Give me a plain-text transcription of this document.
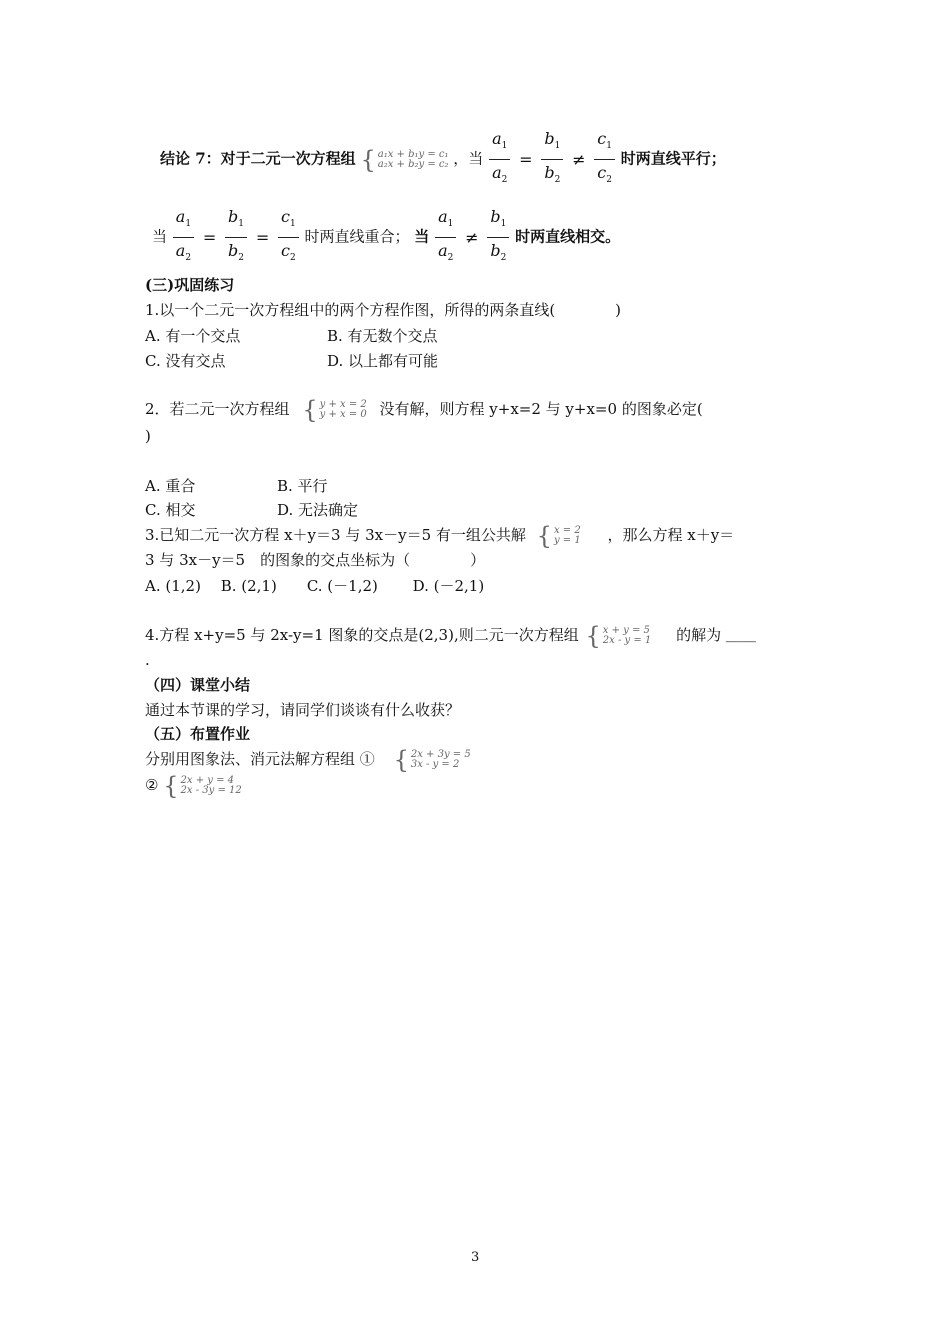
结论 7：对于二元一次方程组 { a₁x + b₁y = c₁
a₂x + b₂y = c₂ ，当 $\frac{a_1}{a_2} = \frac{b_1}{b_2} \ne \frac{c_1}{c_2}$ 时两直线平行；
当 $\frac{a_1}{a_2} = \frac{b_1}{b_2} = \frac{c_1}{c_2}$ 时两直线重合； 当 $\frac{a_1}{a_2} \ne \frac{b_1}{b_2}$ 时两直线相交。
(三)巩固练习
1.以一个二元一次方程组中的两个方程作图，所得的两条直线(　　　　)
A. 有一个交点	B. 有无数个交点
C. 没有交点	D. 以上都有可能
2．若二元一次方程组 { y + x = 2
y + x = 0 没有解，则方程 y+x=2 与 y+x=0 的图象必定(
)
A. 重合	B. 平行
C. 相交	D. 无法确定
3.已知二元一次方程 x＋y＝3 与 3x－y＝5 有一组公共解 { x = 2
y = 1 ，那么方程 x＋y＝
3 与 3x－y＝5　的图象的交点坐标为（　　　　）
A. (1,2)　 B. (2,1)　　C. (－1,2)　　 D. (－2,1)
4.方程 x+y=5 与 2x-y=1 图象的交点是(2,3),则二元一次方程组 { x + y = 5
2x - y = 1 的解为 ＿＿
.
（四）课堂小结
通过本节课的学习，请同学们谈谈有什么收获？
（五）布置作业
分别用图象法、消元法解方程组 ① { 2x + 3y = 5
3x - y = 2
② { 2x + y = 4
2x - 3y = 12
3
